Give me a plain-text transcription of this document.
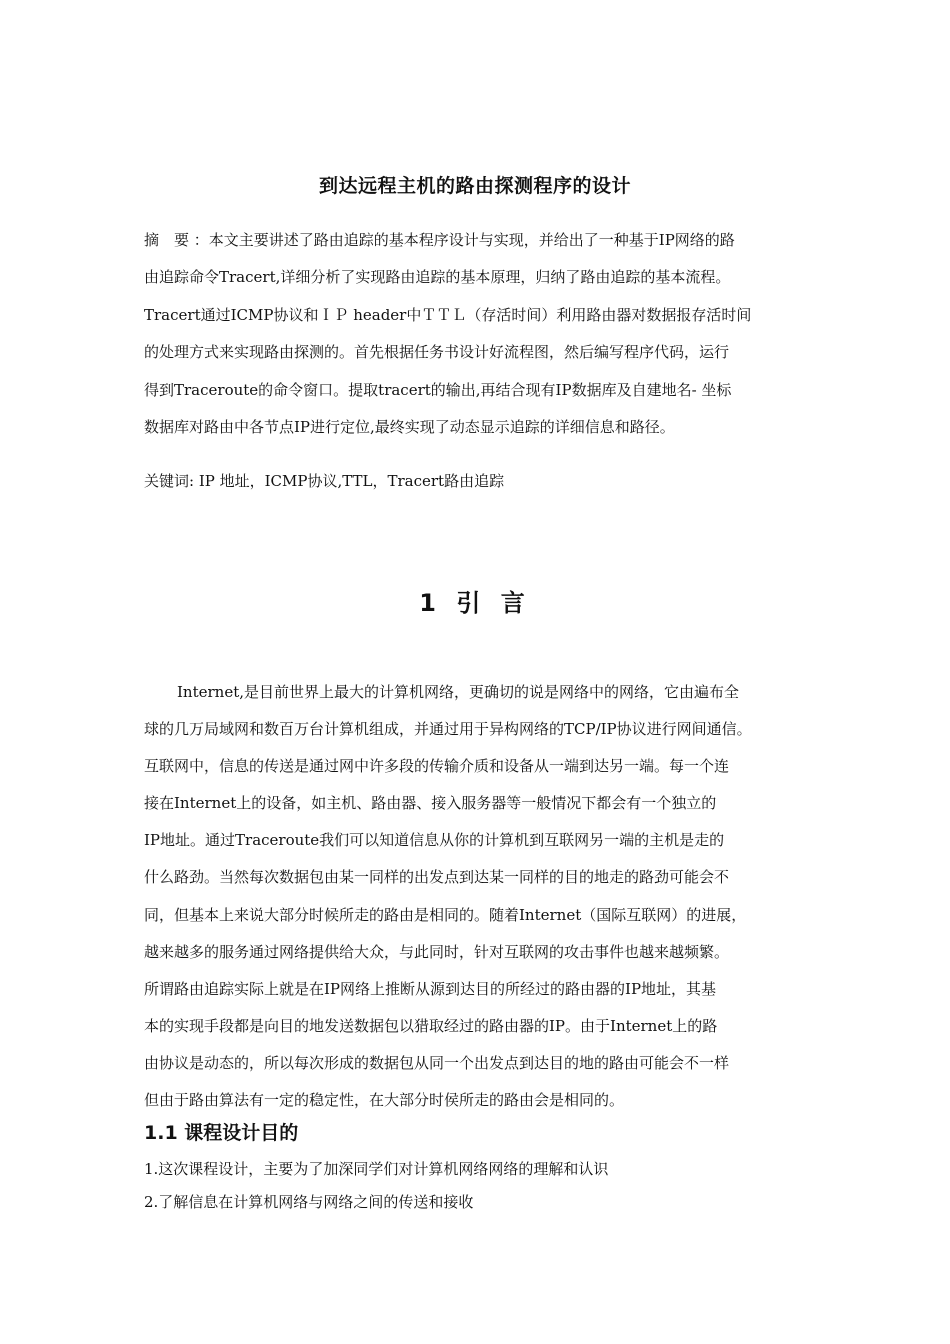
到达远程主机的路由探测程序的设计
摘　要 ：本文主要讲述了路由追踪的基本程序设计与实现，并给出了一种基于IP网络的路
由追踪命令Tracert,详细分析了实现路由追踪的基本原理，归纳了路由追踪的基本流程。
Tracert通过ICMP协议和ＩＰ header中ＴＴＬ（存活时间）利用路由器对数据报存活时间
的处理方式来实现路由探测的。首先根据任务书设计好流程图，然后编写程序代码，运行
得到Traceroute的命令窗口。提取tracert的输出,再结合现有IP数据库及自建地名- 坐标
数据库对路由中各节点IP进行定位,最终实现了动态显示追踪的详细信息和路径。
关键词: IP 地址，ICMP协议,TTL，Tracert路由追踪
1 引 言
Internet,是目前世界上最大的计算机网络，更确切的说是网络中的网络，它由遍布全
球的几万局域网和数百万台计算机组成，并通过用于异构网络的TCP/IP协议进行网间通信。
互联网中，信息的传送是通过网中许多段的传输介质和设备从一端到达另一端。每一个连
接在Internet上的设备，如主机、路由器、接入服务器等一般情况下都会有一个独立的
IP地址。通过Traceroute我们可以知道信息从你的计算机到互联网另一端的主机是走的
什么路劲。当然每次数据包由某一同样的出发点到达某一同样的目的地走的路劲可能会不
同，但基本上来说大部分时候所走的路由是相同的。随着Internet（国际互联网）的进展，
越来越多的服务通过网络提供给大众，与此同时，针对互联网的攻击事件也越来越频繁。
所谓路由追踪实际上就是在IP网络上推断从源到达目的所经过的路由器的IP地址，其基
本的实现手段都是向目的地发送数据包以猎取经过的路由器的IP。由于Internet上的路
由协议是动态的，所以每次形成的数据包从同一个出发点到达目的地的路由可能会不一样
但由于路由算法有一定的稳定性，在大部分时侯所走的路由会是相同的。
1.1 课程设计目的
1.这次课程设计，主要为了加深同学们对计算机网络网络的理解和认识
2.了解信息在计算机网络与网络之间的传送和接收
